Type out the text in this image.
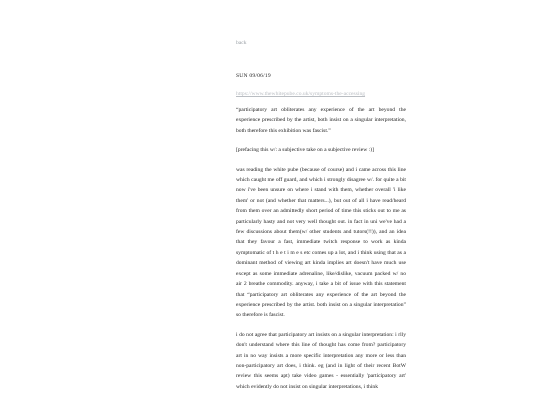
back
SUN 09/06/19
https://www.thewhitepube.co.uk/symptoms-the-accessing

“participatory art obliterates any experience of the art beyond the experience prescribed by the artist, both insist on a singular interpretation, both therefore this exhibition was fascist.”

[prefacing this w/: a subjective take on a subjective review :)]

was reading the white pube (because of course) and i came across this line which caught me off guard, and which i strongly disagree w/. for quite a bit now i've been unsure on where i stand with them, whether overall 'i like them' or not (and whether that matters...), but out of all i have read/heard from them over an admittedly short period of time this sticks out to me as particularly hasty and not very well thought out. in fact in uni we've had a few discussions about them(w/ other students and tutors(!!)), and an idea that they favour a fast, immediate twitch response to work as kinda symptomatic of t h e t i m e s etc comes up a lot, and i think using that as a dominant method of viewing art kinda implies art doesn't have much use except as some immediate adrenaline, like/dislike, vacuum packed w/ no air 2 breathe commodity. anyway, i take a bit of issue with this statement that “participatory art obliterates any experience of the art beyond the experience prescribed by the artist. both insist on a singular interpretation” so therefore is fascist.

i do not agree that participatory art insists on a singular interpretation: i rlly don't understand where this line of thought has come from? participatory art in no way insists a more specific interpretation any more or less than non-participatory art does, i think. eg (and in light of their recent BotW review this seems apt) take video games - essentially 'participatory art' which evidently do not insist on singular interpretations, i think
